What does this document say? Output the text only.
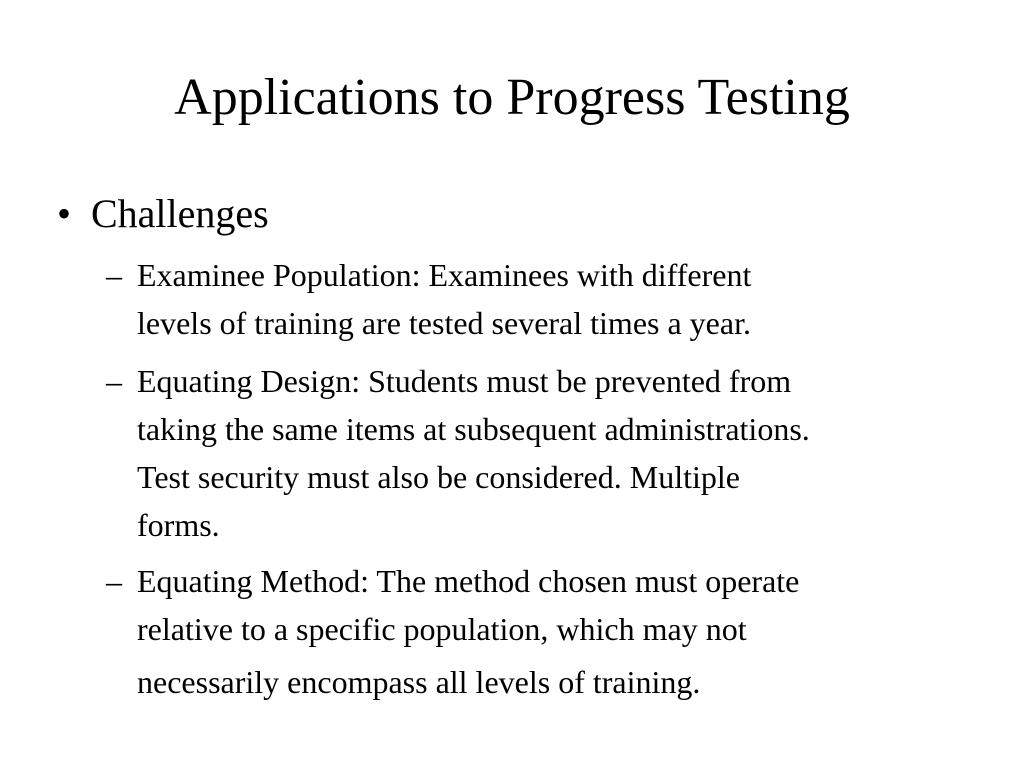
Applications to Progress Testing
• Challenges
– Examinee Population: Examinees with different
levels of training are tested several times a year.
– Equating Design: Students must be prevented from
taking the same items at subsequent administrations.
Test security must also be considered. Multiple
forms.
– Equating Method: The method chosen must operate
relative to a specific population, which may not
necessarily encompass all levels of training.
